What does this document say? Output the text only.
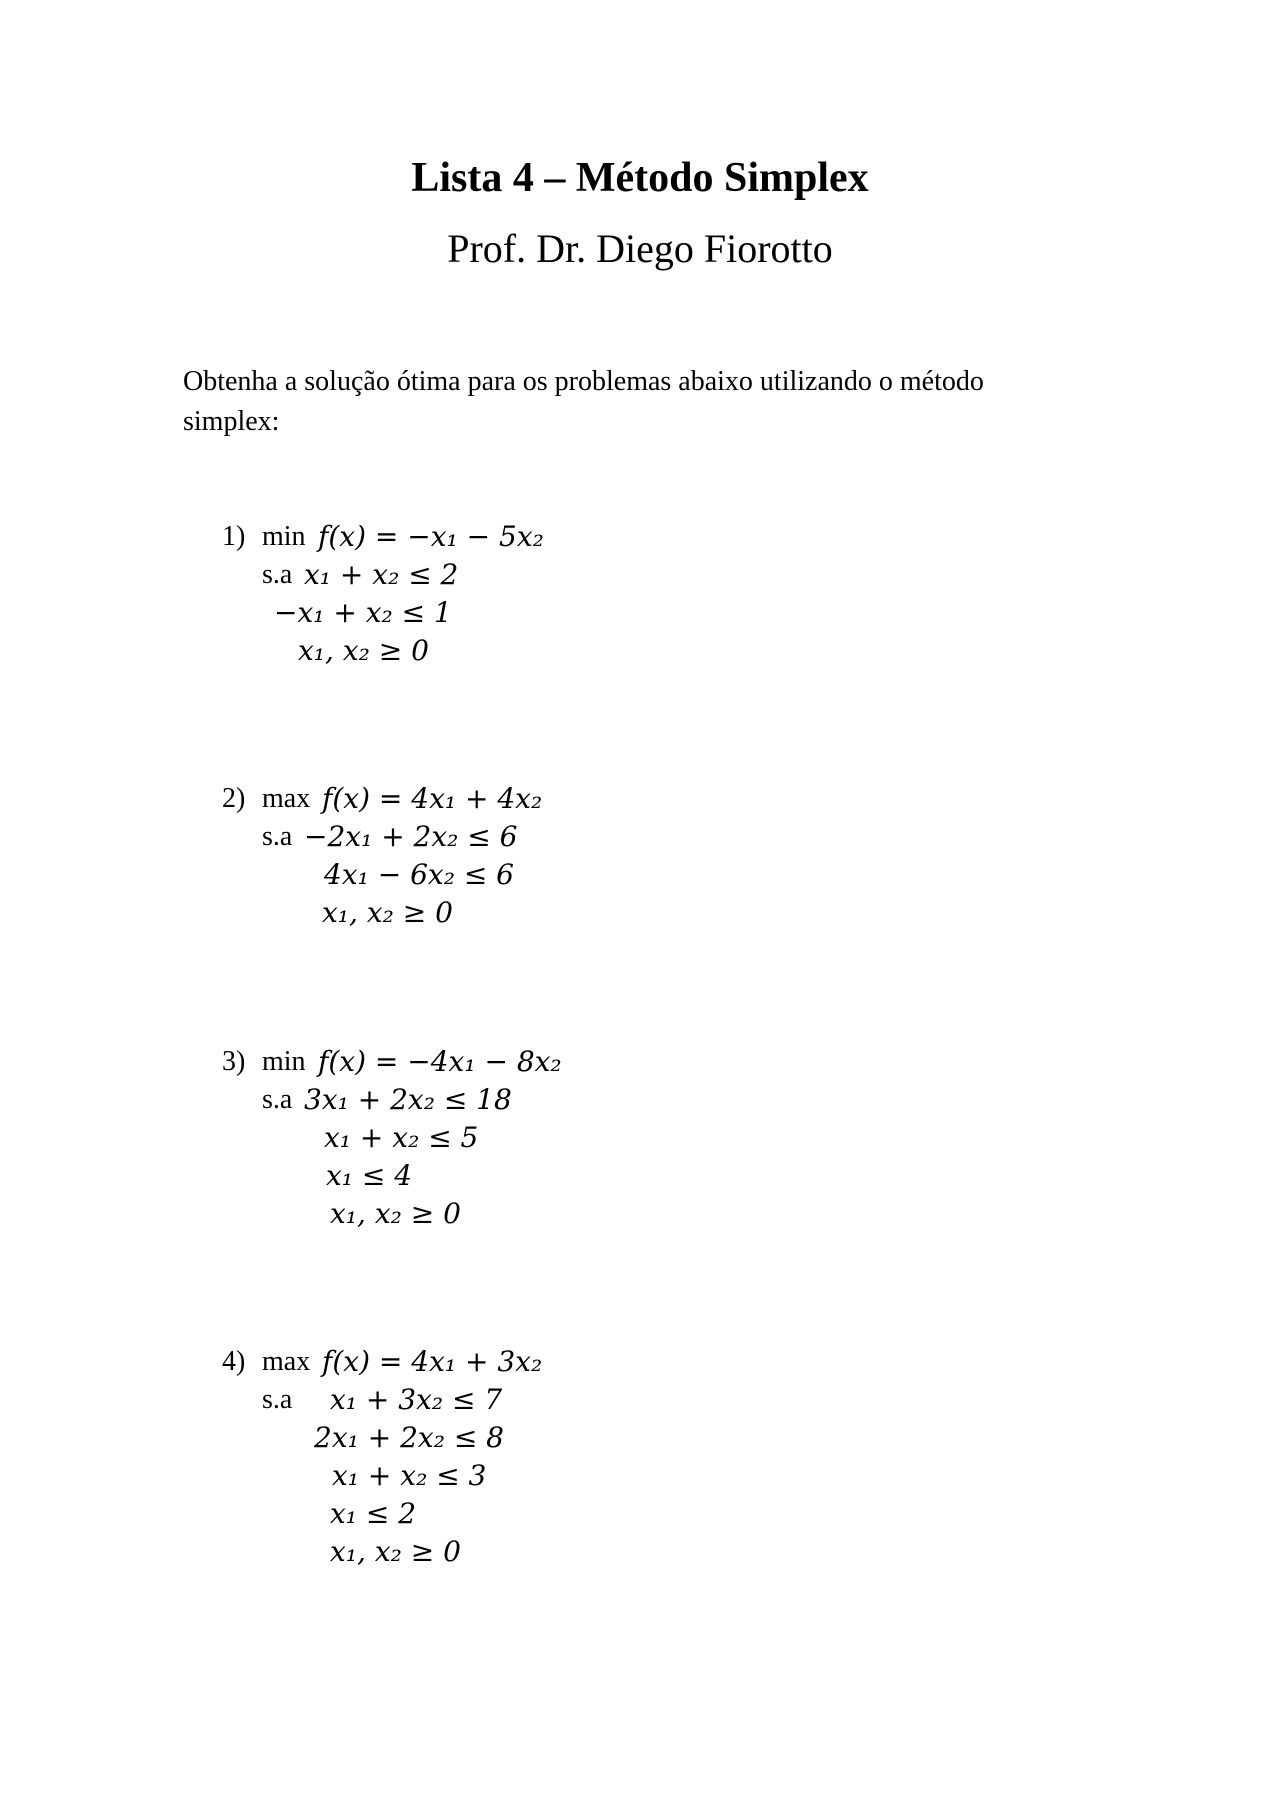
Lista 4 – Método Simplex
Prof. Dr. Diego Fiorotto

Obtenha a solução ótima para os problemas abaixo utilizando o método simplex:

1) min f(x) = −x₁ − 5x₂
s.a x₁ + x₂ ≤ 2
−x₁ + x₂ ≤ 1
x₁, x₂ ≥ 0
2) max f(x) = 4x₁ + 4x₂
s.a −2x₁ + 2x₂ ≤ 6
4x₁ − 6x₂ ≤ 6
x₁, x₂ ≥ 0
3) min f(x) = −4x₁ − 8x₂
s.a 3x₁ + 2x₂ ≤ 18
x₁ + x₂ ≤ 5
x₁ ≤ 4
x₁, x₂ ≥ 0
4) max f(x) = 4x₁ + 3x₂
s.a x₁ + 3x₂ ≤ 7
2x₁ + 2x₂ ≤ 8
x₁ + x₂ ≤ 3
x₁ ≤ 2
x₁, x₂ ≥ 0
